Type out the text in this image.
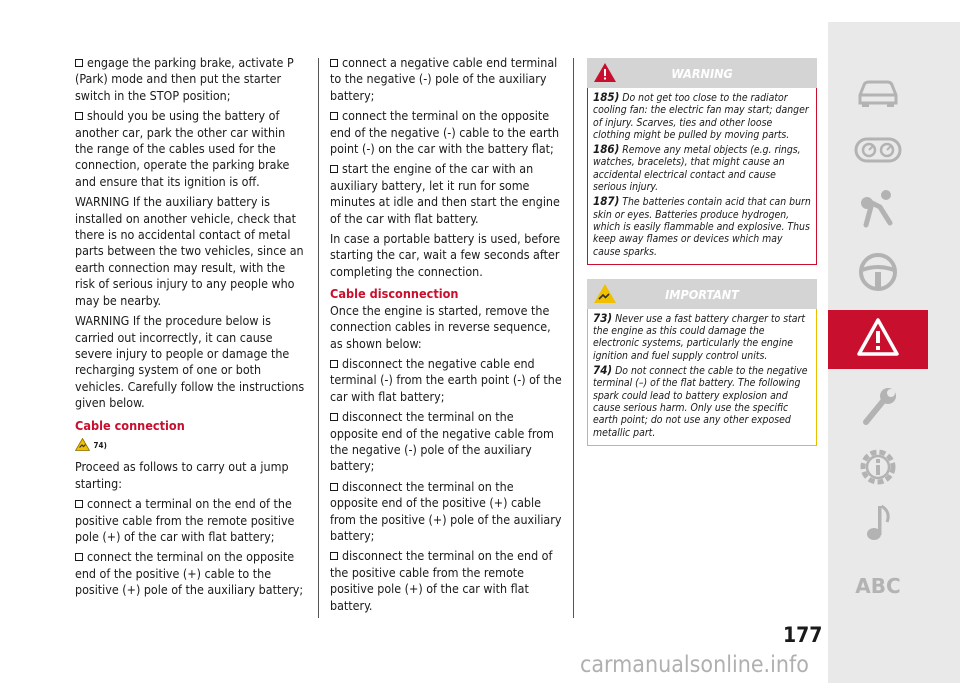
engage the parking brake, activate P (Park) mode and then put the starter switch in the STOP position;

should you be using the battery of another car, park the other car within the range of the cables used for the connection, operate the parking brake and ensure that its ignition is off.

WARNING If the auxiliary battery is installed on another vehicle, check that there is no accidental contact of metal parts between the two vehicles, since an earth connection may result, with the risk of serious injury to any people who may be nearby.

WARNING If the procedure below is carried out incorrectly, it can cause severe injury to people or damage the recharging system of one or both vehicles. Carefully follow the instructions given below.

Cable connection
74)

Proceed as follows to carry out a jump starting:

connect a terminal on the end of the positive cable from the remote positive pole (+) of the car with flat battery;

connect the terminal on the opposite end of the positive (+) cable to the positive (+) pole of the auxiliary battery;

connect a negative cable end terminal to the negative (-) pole of the auxiliary battery;

connect the terminal on the opposite end of the negative (-) cable to the earth point (-) on the car with the battery flat;

start the engine of the car with an auxiliary battery, let it run for some minutes at idle and then start the engine of the car with flat battery.

In case a portable battery is used, before starting the car, wait a few seconds after completing the connection.

Cable disconnection

Once the engine is started, remove the connection cables in reverse sequence, as shown below:

disconnect the negative cable end terminal (-) from the earth point (-) of the car with flat battery;

disconnect the terminal on the opposite end of the negative cable from the negative (-) pole of the auxiliary battery;

disconnect the terminal on the opposite end of the positive (+) cable from the positive (+) pole of the auxiliary battery;

disconnect the terminal on the end of the positive cable from the remote positive pole (+) of the car with flat battery.

WARNING

185) Do not get too close to the radiator cooling fan: the electric fan may start; danger of injury. Scarves, ties and other loose clothing might be pulled by moving parts.

186) Remove any metal objects (e.g. rings, watches, bracelets), that might cause an accidental electrical contact and cause serious injury.

187) The batteries contain acid that can burn skin or eyes. Batteries produce hydrogen, which is easily flammable and explosive. Thus keep away flames or devices which may cause sparks.

IMPORTANT

73) Never use a fast battery charger to start the engine as this could damage the electronic systems, particularly the engine ignition and fuel supply control units.

74) Do not connect the cable to the negative terminal (–) of the flat battery. The following spark could lead to battery explosion and cause serious harm. Only use the specific earth point; do not use any other exposed metallic part.

177
ABC
carmanualsonline.info
